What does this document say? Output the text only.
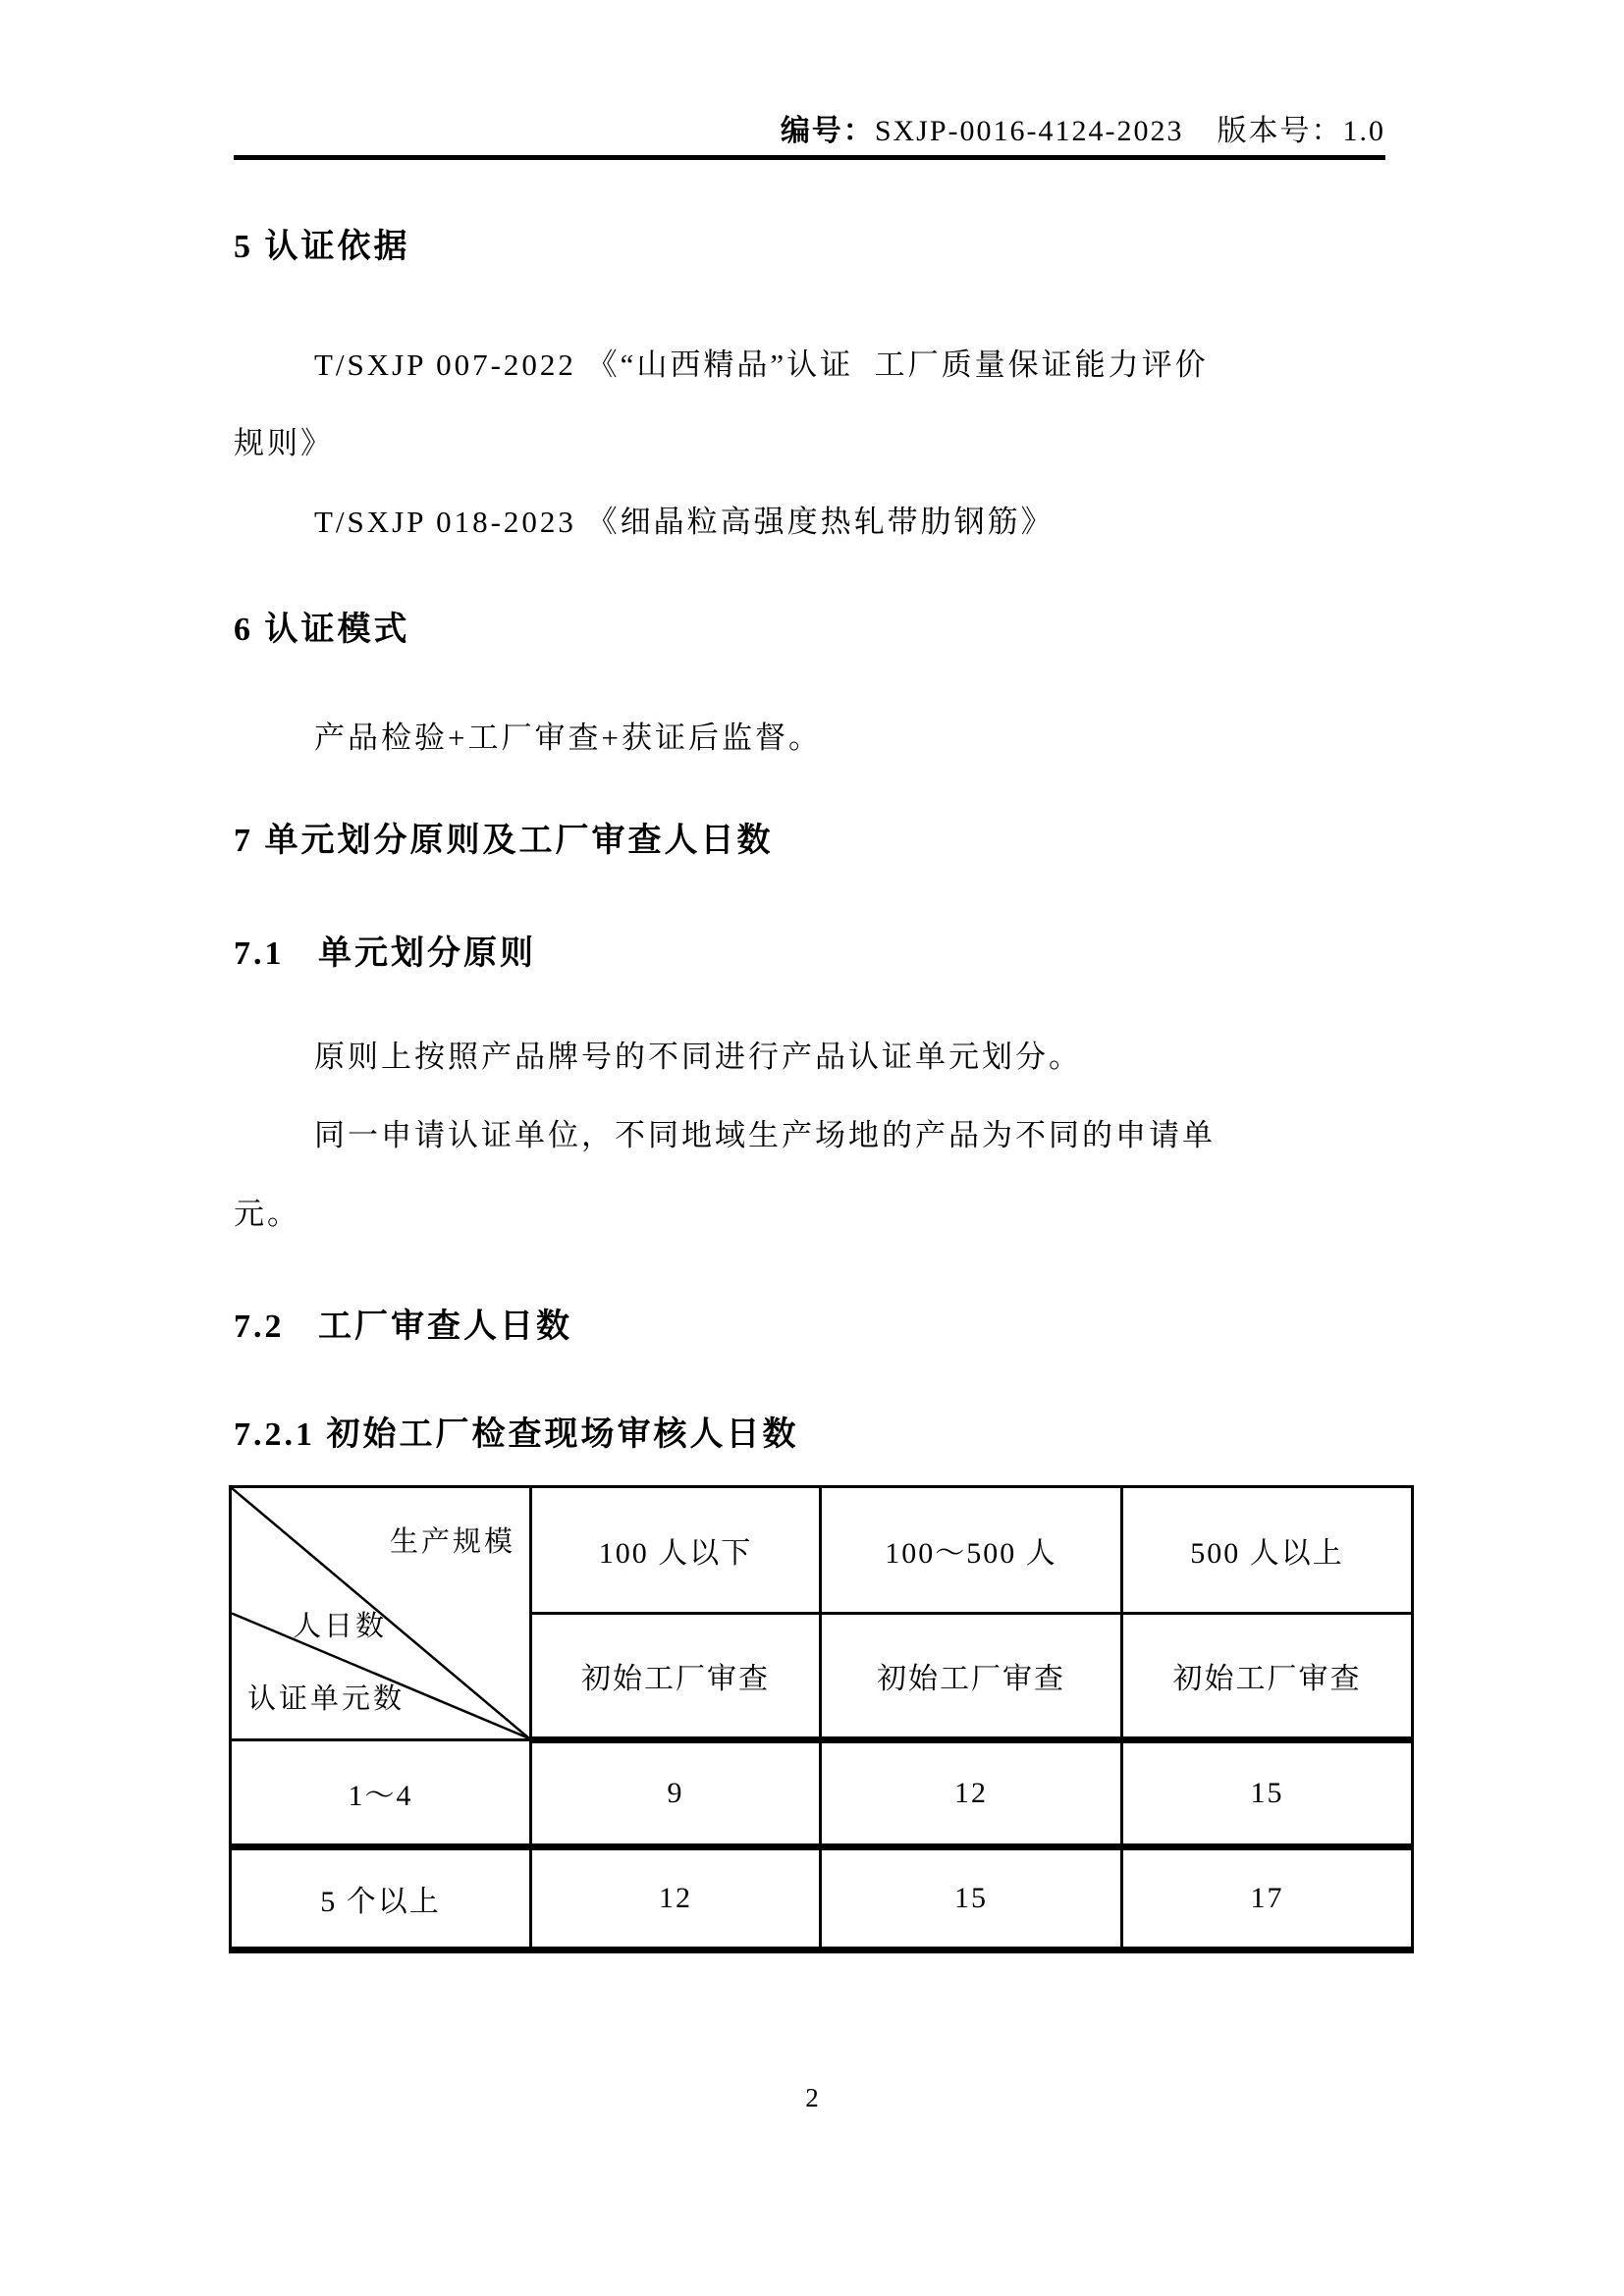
编号：SXJP-0016-4124-2023 版本号：1.0
5 认证依据
T/SXJP 007-2022 《“山西精品”认证  工厂质量保证能力评价
规则》
T/SXJP 018-2023 《细晶粒高强度热轧带肋钢筋》
6 认证模式
产品检验+工厂审查+获证后监督。
7 单元划分原则及工厂审查人日数
7.1   单元划分原则
原则上按照产品牌号的不同进行产品认证单元划分。
同一申请认证单位，不同地域生产场地的产品为不同的申请单
元。
7.2   工厂审查人日数
7.2.1 初始工厂检查现场审核人日数

生产规模

人日数

认证单元数	100 人以下	100～500 人	500 人以上
	初始工厂审查	初始工厂审查	初始工厂审查
1～4	9	12	15
5 个以上	12	15	17
2
